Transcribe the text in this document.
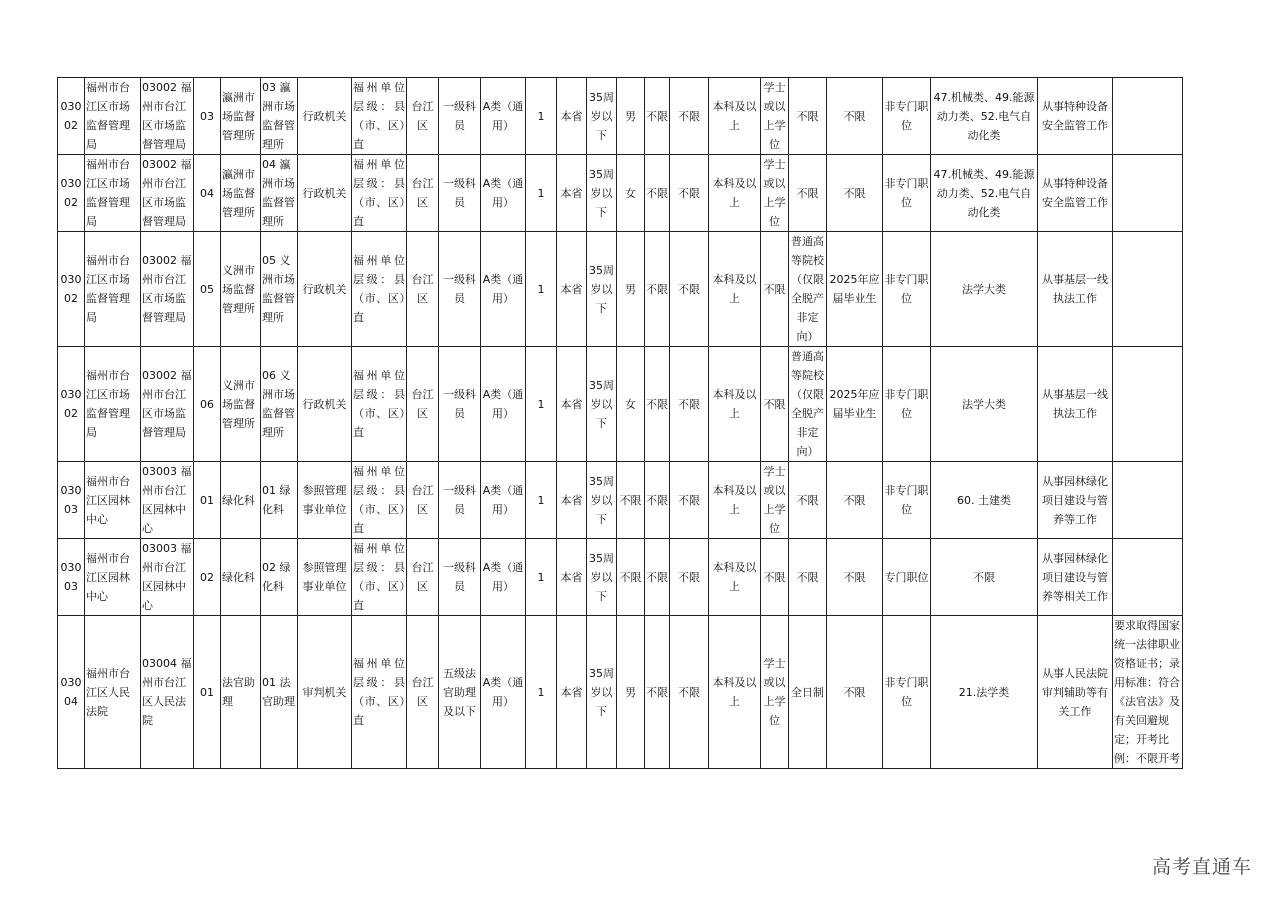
03002	福州市台江区市场监督管理局	03002 福州市台江区市场监督管理局	03	瀛洲市场监督管理所	03 瀛洲市场监督管理所	行政机关	福州单位层级：县（市、区）直	台江区	一级科员	A类（通用）	1	本省	35周岁以下	男	不限	不限	本科及以上	学士或以上学位	不限	不限	非专门职位	47.机械类、49.能源动力类、52.电气自动化类	从事特种设备安全监管工作	
03002	福州市台江区市场监督管理局	03002 福州市台江区市场监督管理局	04	瀛洲市场监督管理所	04 瀛洲市场监督管理所	行政机关	福州单位层级：县（市、区）直	台江区	一级科员	A类（通用）	1	本省	35周岁以下	女	不限	不限	本科及以上	学士或以上学位	不限	不限	非专门职位	47.机械类、49.能源动力类、52.电气自动化类	从事特种设备安全监管工作	
03002	福州市台江区市场监督管理局	03002 福州市台江区市场监督管理局	05	义洲市场监督管理所	05 义洲市场监督管理所	行政机关	福州单位层级：县（市、区）直	台江区	一级科员	A类（通用）	1	本省	35周岁以下	男	不限	不限	本科及以上	不限	普通高等院校（仅限全脱产非定向）	2025年应届毕业生	非专门职位	法学大类	从事基层一线执法工作	
03002	福州市台江区市场监督管理局	03002 福州市台江区市场监督管理局	06	义洲市场监督管理所	06 义洲市场监督管理所	行政机关	福州单位层级：县（市、区）直	台江区	一级科员	A类（通用）	1	本省	35周岁以下	女	不限	不限	本科及以上	不限	普通高等院校（仅限全脱产非定向）	2025年应届毕业生	非专门职位	法学大类	从事基层一线执法工作	
03003	福州市台江区园林中心	03003 福州市台江区园林中心	01	绿化科	01 绿化科	参照管理事业单位	福州单位层级：县（市、区）直	台江区	一级科员	A类（通用）	1	本省	35周岁以下	不限	不限	不限	本科及以上	学士或以上学位	不限	不限	非专门职位	60. 土建类	从事园林绿化项目建设与管养等工作	
03003	福州市台江区园林中心	03003 福州市台江区园林中心	02	绿化科	02 绿化科	参照管理事业单位	福州单位层级：县（市、区）直	台江区	一级科员	A类（通用）	1	本省	35周岁以下	不限	不限	不限	本科及以上	不限	不限	不限	专门职位	不限	从事园林绿化项目建设与管养等相关工作	
03004	福州市台江区人民法院	03004 福州市台江区人民法院	01	法官助理	01 法官助理	审判机关	福州单位层级：县（市、区）直	台江区	五级法官助理及以下	A类（通用）	1	本省	35周岁以下	男	不限	不限	本科及以上	学士或以上学位	全日制	不限	非专门职位	21.法学类	从事人民法院审判辅助等有关工作	要求取得国家统一法律职业资格证书；录用标准：符合《法官法》及有关回避规定；开考比例：不限开考
高考直通车
